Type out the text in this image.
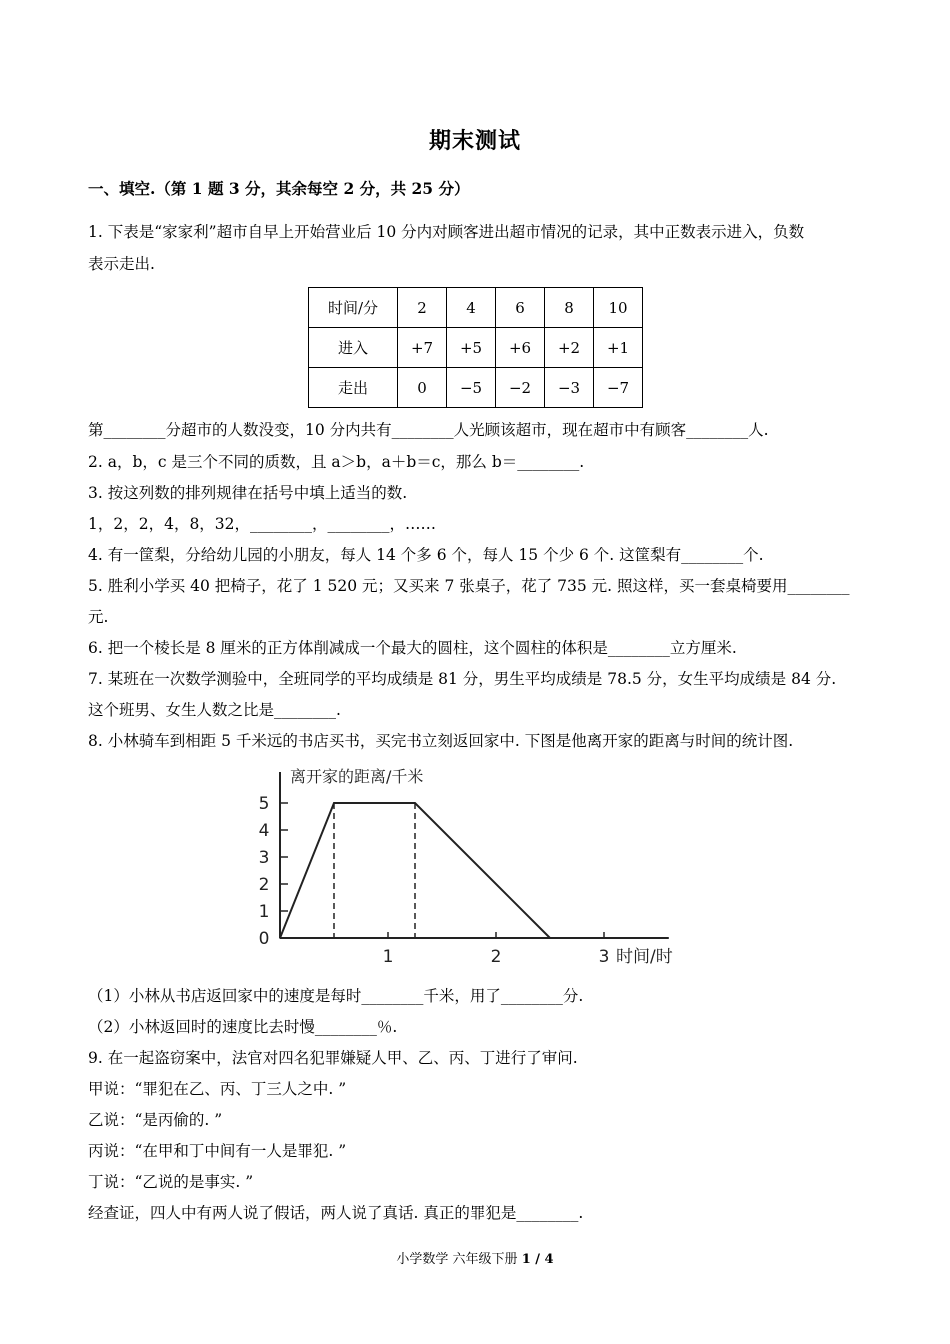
期末测试
一、填空.（第 1 题 3 分，其余每空 2 分，共 25 分）
1. 下表是“家家利”超市自早上开始营业后 10 分内对顾客进出超市情况的记录，其中正数表示进入，负数
表示走出.
时间/分	2	4	6	8	10
进入	+7	+5	+6	+2	+1
走出	0	−5	−2	−3	−7
第________分超市的人数没变，10 分内共有________人光顾该超市，现在超市中有顾客________人.
2. a，b，c 是三个不同的质数，且 a＞b，a＋b＝c，那么 b＝________.
3. 按这列数的排列规律在括号中填上适当的数.
1，2，2，4，8，32，________，________，……
4. 有一筐梨，分给幼儿园的小朋友，每人 14 个多 6 个，每人 15 个少 6 个. 这筐梨有________个.
5. 胜利小学买 40 把椅子，花了 1 520 元；又买来 7 张桌子，花了 735 元. 照这样，买一套桌椅要用________
元.
6. 把一个棱长是 8 厘米的正方体削减成一个最大的圆柱，这个圆柱的体积是________立方厘米.
7. 某班在一次数学测验中，全班同学的平均成绩是 81 分，男生平均成绩是 78.5 分，女生平均成绩是 84 分.
这个班男、女生人数之比是________.
8. 小林骑车到相距 5 千米远的书店买书，买完书立刻返回家中. 下图是他离开家的距离与时间的统计图.
离开家的距离/千米
0
1
2
3
4
5
1	2	3 时间/时
（1）小林从书店返回家中的速度是每时________千米，用了________分.
（2）小林返回时的速度比去时慢________％.
9. 在一起盗窃案中，法官对四名犯罪嫌疑人甲、乙、丙、丁进行了审问.
甲说：“罪犯在乙、丙、丁三人之中. ”
乙说：“是丙偷的. ”
丙说：“在甲和丁中间有一人是罪犯. ”
丁说：“乙说的是事实. ”
经查证，四人中有两人说了假话，两人说了真话. 真正的罪犯是________.
小学数学 六年级下册 1 / 4
